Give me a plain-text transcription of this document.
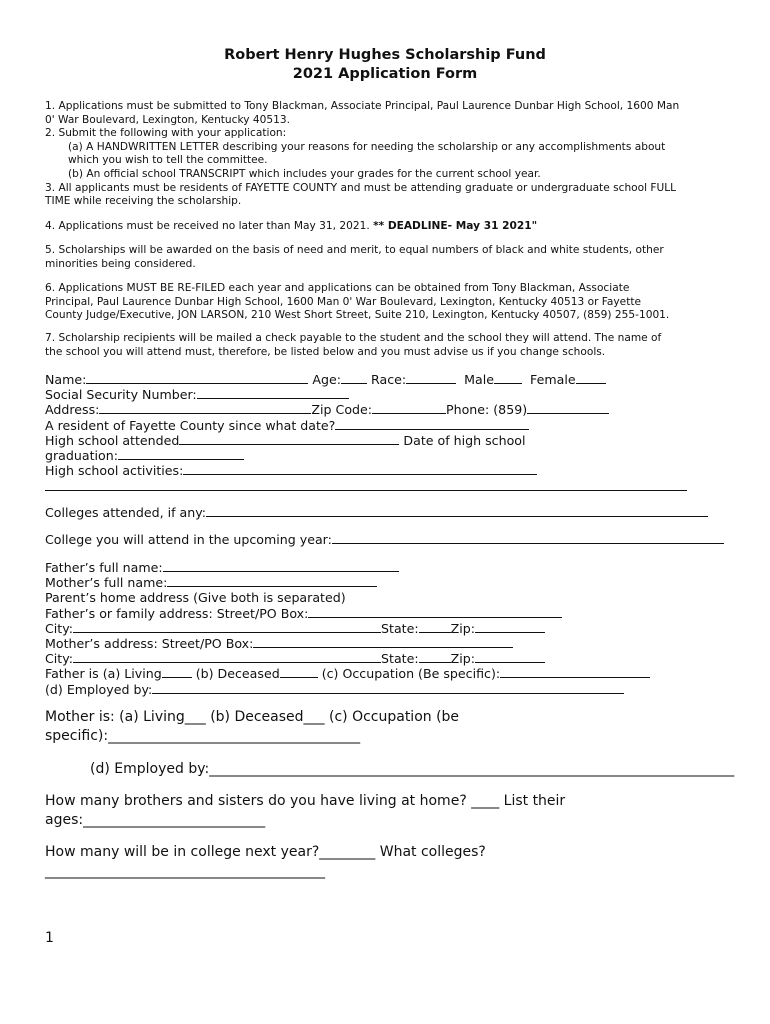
Robert Henry Hughes Scholarship Fund
2021 Application Form
1. Applications must be submitted to Tony Blackman, Associate Principal, Paul Laurence Dunbar High School, 1600 Man
0' War Boulevard, Lexington, Kentucky 40513.
2. Submit the following with your application:
(a) A HANDWRITTEN LETTER describing your reasons for needing the scholarship or any accomplishments about
which you wish to tell the committee.
(b) An official school TRANSCRIPT which includes your grades for the current school year.
3. All applicants must be residents of FAYETTE COUNTY and must be attending graduate or undergraduate school FULL
TIME while receiving the scholarship.
4. Applications must be received no later than May 31, 2021. ** DEADLINE- May 31 2021"
5. Scholarships will be awarded on the basis of need and merit, to equal numbers of black and white students, other
minorities being considered.
6. Applications MUST BE RE-FILED each year and applications can be obtained from Tony Blackman, Associate
Principal, Paul Laurence Dunbar High School, 1600 Man 0' War Boulevard, Lexington, Kentucky 40513 or Fayette
County Judge/Executive, JON LARSON, 210 West Short Street, Suite 210, Lexington, Kentucky 40507, (859) 255-1001.
7. Scholarship recipients will be mailed a check payable to the student and the school they will attend. The name of
the school you will attend must, therefore, be listed below and you must advise us if you change schools.
Name:	Age: Race:	Male	Female
Social Security Number:
Address:	Zip Code:	Phone: (859)
A resident of Fayette County since what date?
High school attended	Date of high school
graduation:
High school activities:
Colleges attended, if any:
College you will attend in the upcoming year:
Father’s full name:
Mother’s full name:
Parent’s home address (Give both is separated)
Father’s or family address: Street/PO Box:
City:	State:	Zip:
Mother’s address: Street/PO Box:
City:	State:	Zip:
Father is (a) Living	(b) Deceased	(c) Occupation (Be specific):
(d) Employed by:
Mother is: (a) Living___ (b) Deceased___ (c) Occupation (be
specific):____________________________________
(d) Employed by:___________________________________________________________________________
How many brothers and sisters do you have living at home? ____ List their
ages:__________________________
How many will be in college next year?________ What colleges?
________________________________________
1
